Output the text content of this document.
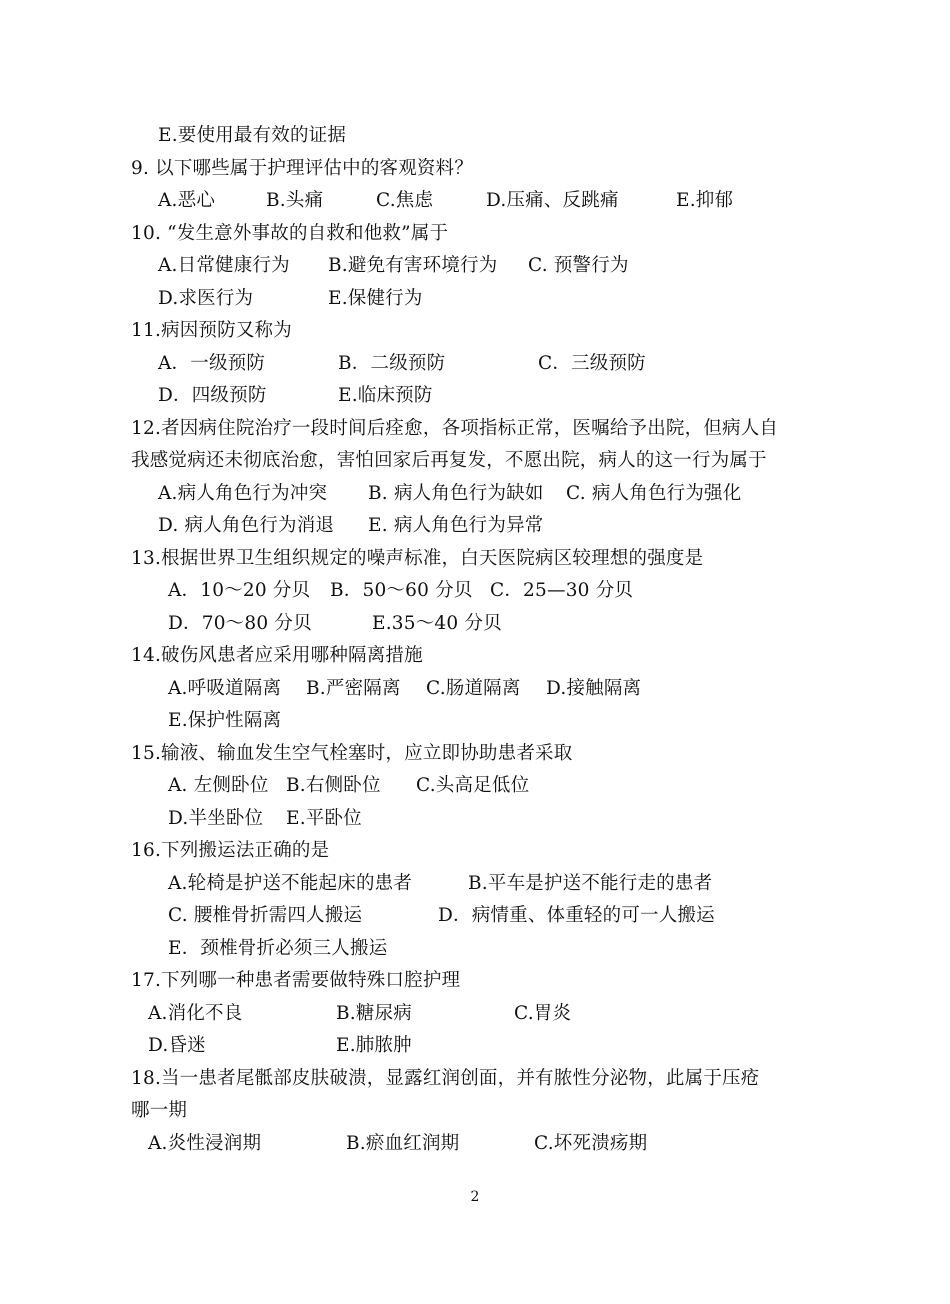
E.要使用最有效的证据
9. 以下哪些属于护理评估中的客观资料？
A.恶心	B.头痛	C.焦虑	D.压痛、反跳痛	E.抑郁
10. “发生意外事故的自救和他救”属于
A.日常健康行为 B.避免有害环境行为 C. 预警行为
D.求医行为	E.保健行为
11.病因预防又称为
A．一级预防	B．二级预防	C．三级预防
D．四级预防	E.临床预防
12.者因病住院治疗一段时间后痊愈，各项指标正常，医嘱给予出院，但病人自
我感觉病还未彻底治愈，害怕回家后再复发，不愿出院，病人的这一行为属于
A.病人角色行为冲突 B. 病人角色行为缺如 C. 病人角色行为强化
D. 病人角色行为消退 E. 病人角色行为异常
13.根据世界卫生组织规定的噪声标准，白天医院病区较理想的强度是
A．10～20 分贝 B．50～60 分贝 C．25—30 分贝
D．70～80 分贝	E.35～40 分贝
14.破伤风患者应采用哪种隔离措施
A.呼吸道隔离 B.严密隔离 C.肠道隔离 D.接触隔离
E.保护性隔离
15.输液、输血发生空气栓塞时，应立即协助患者采取
A. 左侧卧位 B.右侧卧位 C.头高足低位
D.半坐卧位 E.平卧位
16.下列搬运法正确的是
A.轮椅是护送不能起床的患者	B.平车是护送不能行走的患者
C. 腰椎骨折需四人搬运	D．病情重、体重轻的可一人搬运
E．颈椎骨折必须三人搬运
17.下列哪一种患者需要做特殊口腔护理
A.消化不良	B.糖尿病	C.胃炎
D.昏迷	E.肺脓肿
18.当一患者尾骶部皮肤破溃，显露红润创面，并有脓性分泌物，此属于压疮
哪一期
A.炎性浸润期	B.瘀血红润期	C.坏死溃疡期
2
